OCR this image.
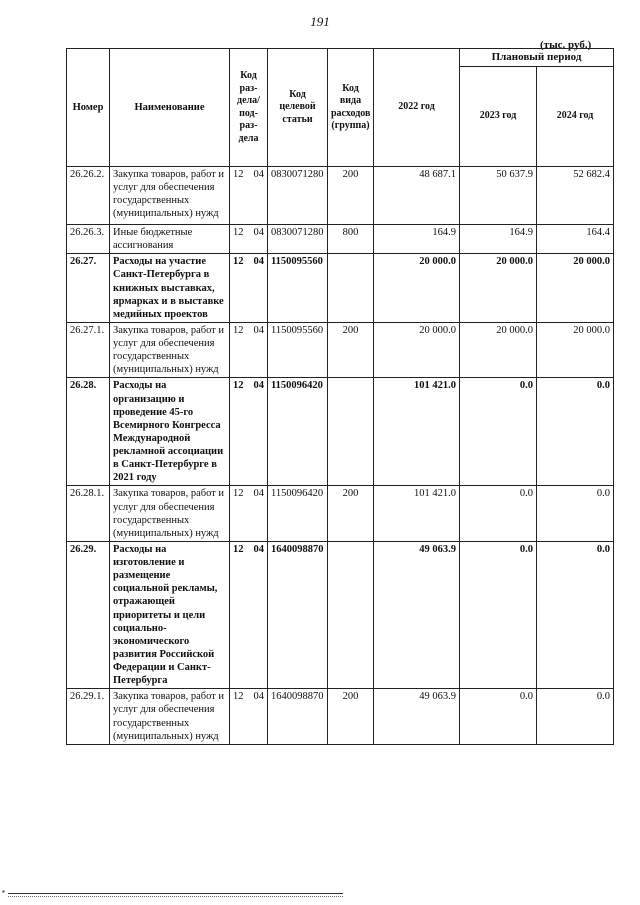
191
(тыс. руб.)
Номер	Наименование	Код раз-дела/ под-раз-дела	Код целевой статьи	Код вида расходов (группа)	2022 год	Плановый период	
						2023 год	2024 год
26.26.2.	Закупка товаров, работ и услуг для обеспечения государственных (муниципальных) нужд	12 04	0830071280	200	48 687.1	50 637.9	52 682.4
26.26.3.	Иные бюджетные ассигнования	12 04	0830071280	800	164.9	164.9	164.4
26.27.	Расходы на участие Санкт-Петербурга в книжных выставках, ярмарках и в выставке медийных проектов	12 04	1150095560		20 000.0	20 000.0	20 000.0
26.27.1.	Закупка товаров, работ и услуг для обеспечения государственных (муниципальных) нужд	12 04	1150095560	200	20 000.0	20 000.0	20 000.0
26.28.	Расходы на организацию и проведение 45-го Всемирного Конгресса Международной рекламной ассоциации в Санкт-Петербурге в 2021 году	12 04	1150096420		101 421.0	0.0	0.0
26.28.1.	Закупка товаров, работ и услуг для обеспечения государственных (муниципальных) нужд	12 04	1150096420	200	101 421.0	0.0	0.0
26.29.	Расходы на изготовление и размещение социальной рекламы, отражающей приоритеты и цели социально-экономического развития Российской Федерации и Санкт-Петербурга	12 04	1640098870		49 063.9	0.0	0.0
26.29.1.	Закупка товаров, работ и услуг для обеспечения государственных (муниципальных) нужд	12 04	1640098870	200	49 063.9	0.0	0.0
▪
